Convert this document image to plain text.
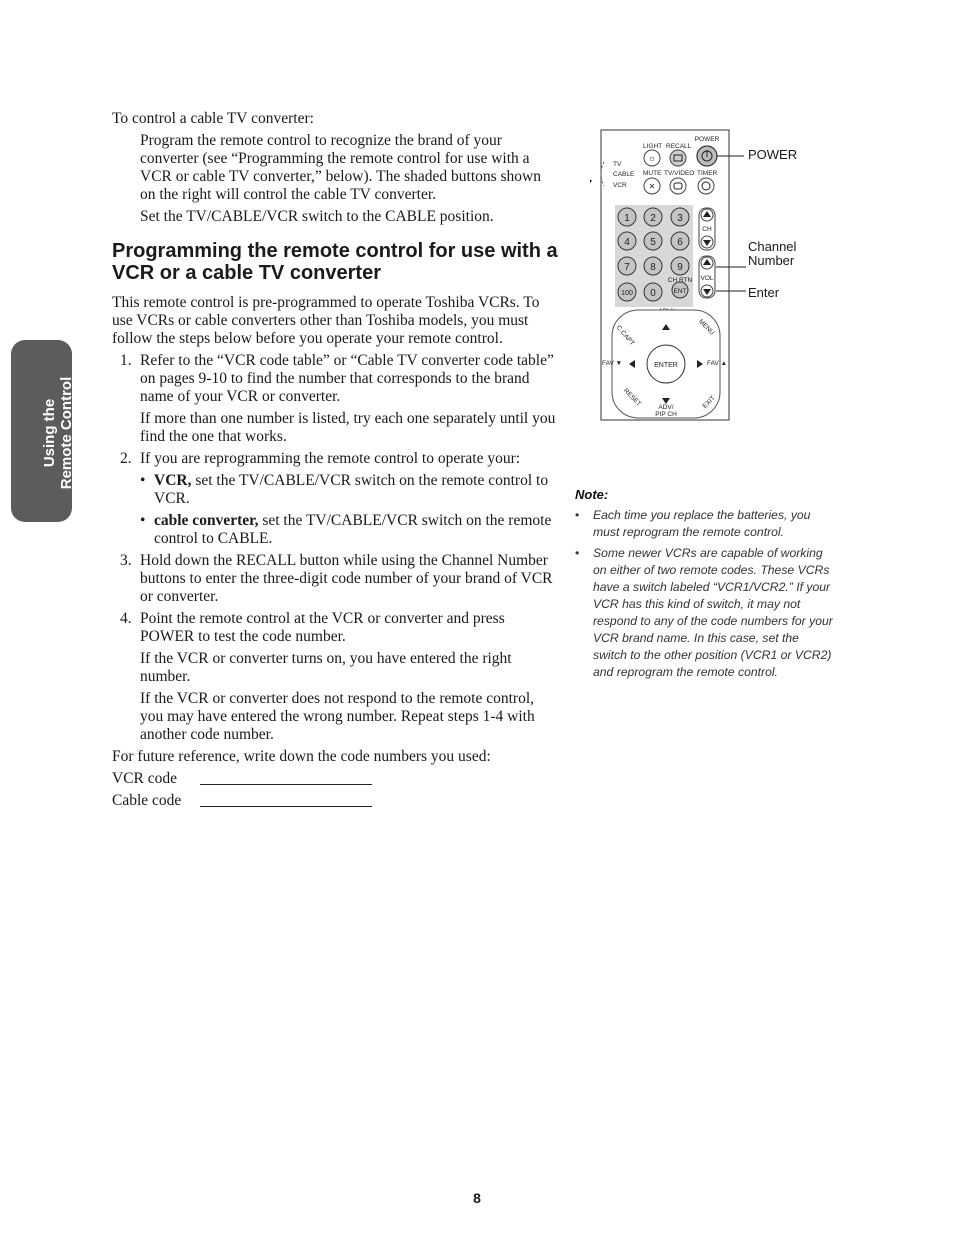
Using the Remote Control

To control a cable TV converter:

Program the remote control to recognize the brand of your converter (see “Programming the remote control for use with a VCR or cable TV converter,” below). The shaded buttons shown on the right will control the cable TV converter.

Set the TV/CABLE/VCR switch to the CABLE position.

Programming the remote control for use with a VCR or a cable TV converter

This remote control is pre-programmed to operate Toshiba VCRs. To use VCRs or cable converters other than Toshiba models, you must follow the steps below before you operate your remote control.

1. Refer to the “VCR code table” or “Cable TV converter code table” on pages 9-10 to find the number that corresponds to the brand name of your VCR or converter.

If more than one number is listed, try each one separately until you find the one that works.

2. If you are reprogramming the remote control to operate your:
• VCR, set the TV/CABLE/VCR switch on the remote control to VCR.
• cable converter, set the TV/CABLE/VCR switch on the remote control to CABLE.
3. Hold down the RECALL button while using the Channel Number buttons to enter the three-digit code number of your brand of VCR or converter.
4. Point the remote control at the VCR or converter and press POWER to test the code number.

If the VCR or converter turns on, you have entered the right number.

If the VCR or converter does not respond to the remote control, you may have entered the wrong number. Repeat steps 1-4 with another code number.

For future reference, write down the code numbers you used:

VCR code
Cable code
LIGHT RECALL
POWER
☼
TV
CABLE
VCR
MUTE TV/VIDEO TIMER
✕
1 2 3
4 5 6
7 8 9
100 0	ENT
CH
VOL
CH RTN
ENTER
C.CAPT	MENU
FAV ▼	FAV ▲
RESET	EXIT
ADV/
PIP CH
POWER
Channel
Number
Enter
Note:
• Each time you replace the batteries, you must reprogram the remote control.
• Some newer VCRs are capable of working on either of two remote codes. These VCRs have a switch labeled “VCR1/VCR2.” If your VCR has this kind of switch, it may not respond to any of the code numbers for your VCR brand name. In this case, set the switch to the other position (VCR1 or VCR2) and reprogram the remote control.
8
